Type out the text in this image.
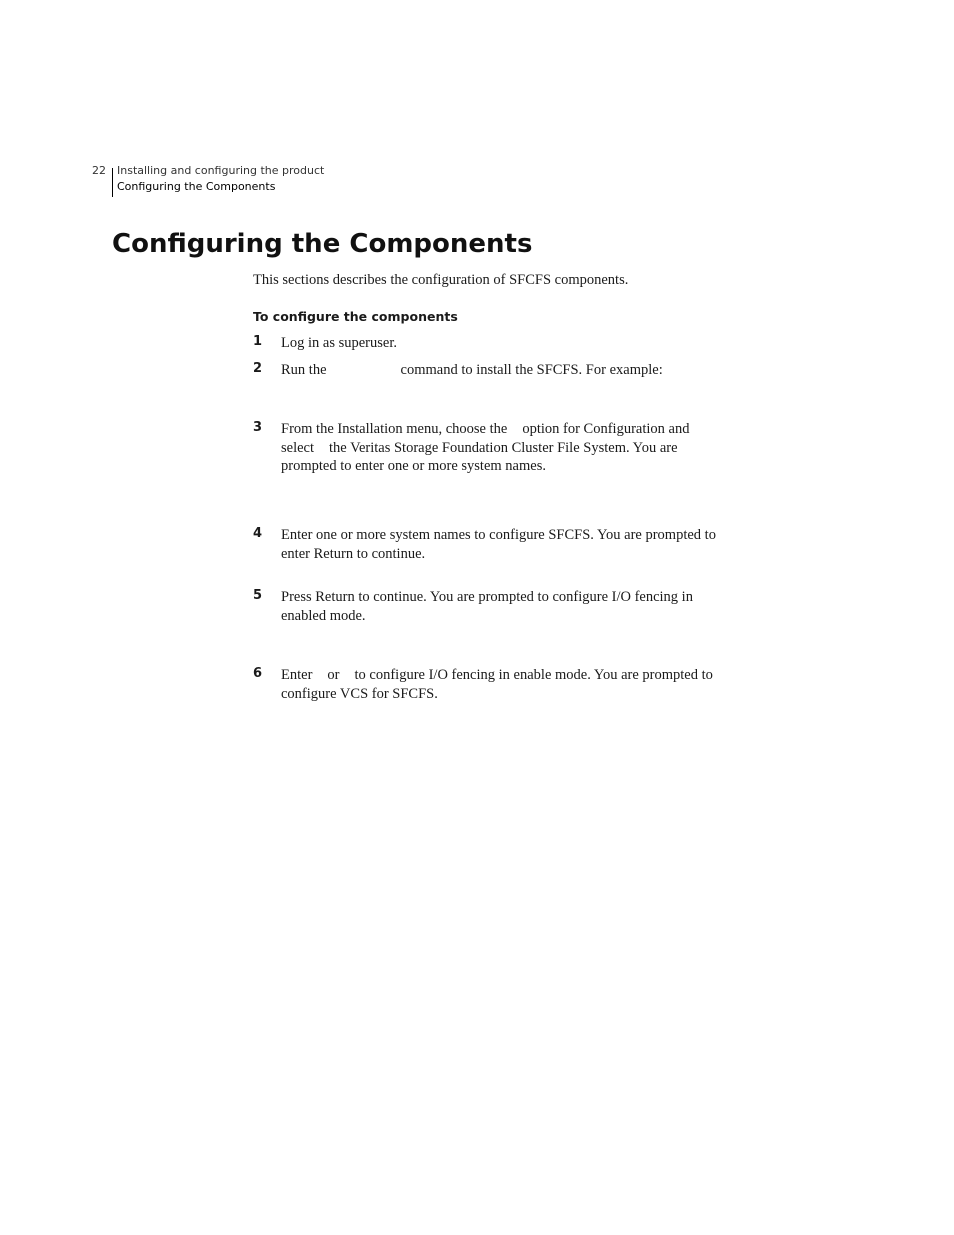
22 Installing and configuring the product
Configuring the Components
Configuring the Components

This sections describes the configuration of SFCFS components.

To configure the components
1 Log in as superuser.
2 Run the	command to install the SFCFS. For example:
3 From the Installation menu, choose the option for Configuration and
select the Veritas Storage Foundation Cluster File System. You are
prompted to enter one or more system names.
4 Enter one or more system names to configure SFCFS. You are prompted to
enter Return to continue.
5 Press Return to continue. You are prompted to configure I/O fencing in
enabled mode.
6 Enter or to configure I/O fencing in enable mode. You are prompted to
configure VCS for SFCFS.
